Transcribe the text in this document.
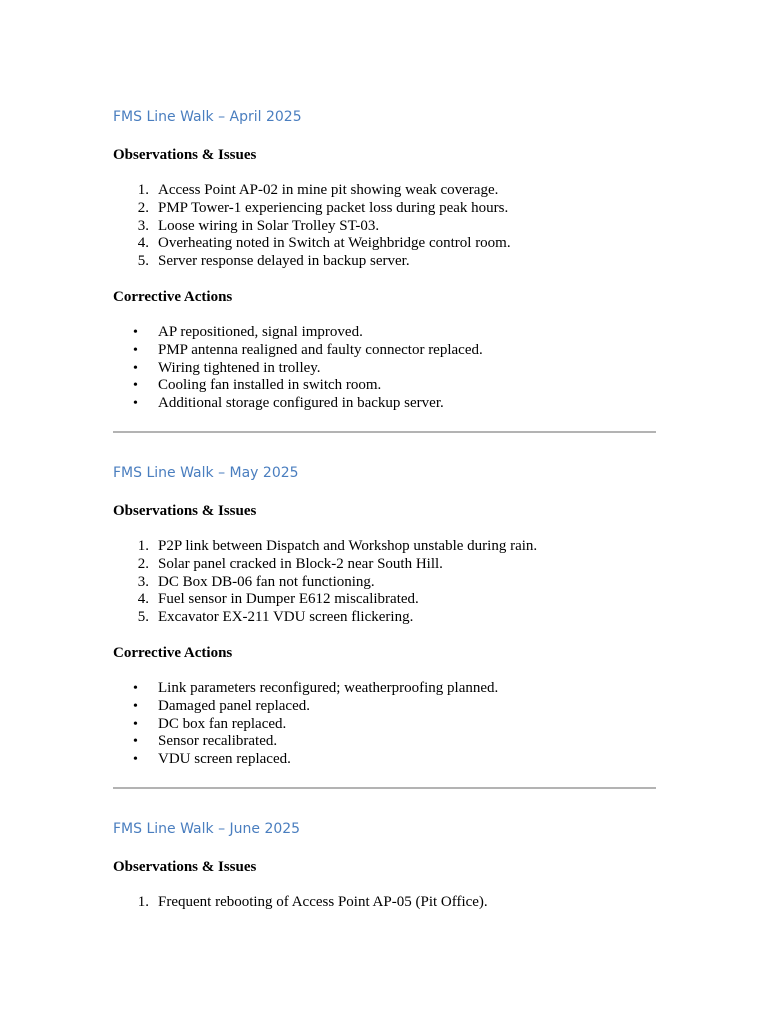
FMS Line Walk – April 2025
Observations & Issues
1. Access Point AP-02 in mine pit showing weak coverage.
2. PMP Tower-1 experiencing packet loss during peak hours.
3. Loose wiring in Solar Trolley ST-03.
4. Overheating noted in Switch at Weighbridge control room.
5. Server response delayed in backup server.
Corrective Actions
•	AP repositioned, signal improved.
•	PMP antenna realigned and faulty connector replaced.
•	Wiring tightened in trolley.
•	Cooling fan installed in switch room.
•	Additional storage configured in backup server.
FMS Line Walk – May 2025
Observations & Issues
1. P2P link between Dispatch and Workshop unstable during rain.
2. Solar panel cracked in Block-2 near South Hill.
3. DC Box DB-06 fan not functioning.
4. Fuel sensor in Dumper E612 miscalibrated.
5. Excavator EX-211 VDU screen flickering.
Corrective Actions
•	Link parameters reconfigured; weatherproofing planned.
•	Damaged panel replaced.
•	DC box fan replaced.
•	Sensor recalibrated.
•	VDU screen replaced.
FMS Line Walk – June 2025
Observations & Issues
1. Frequent rebooting of Access Point AP-05 (Pit Office).
